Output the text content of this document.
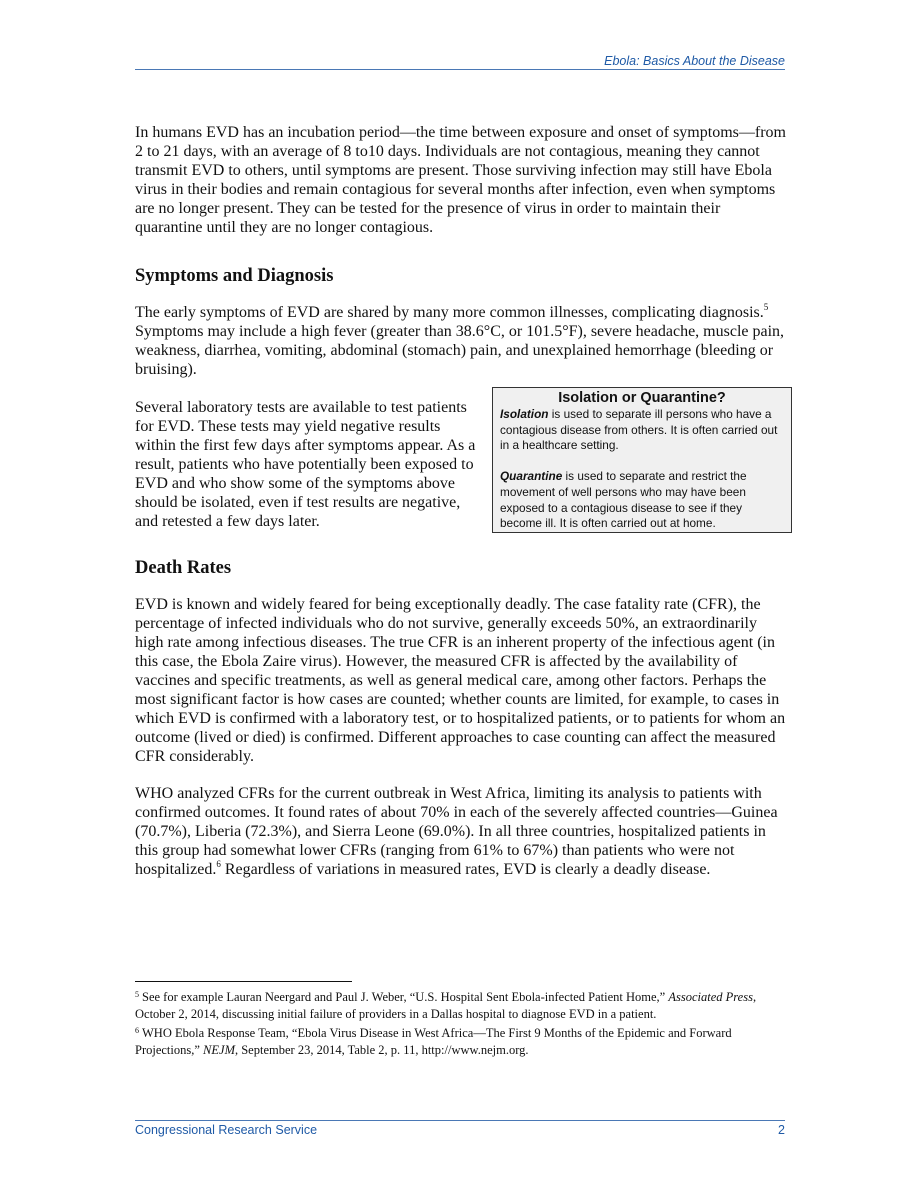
Ebola: Basics About the Disease

In humans EVD has an incubation period—the time between exposure and onset of symptoms—from 2 to 21 days, with an average of 8 to10 days. Individuals are not contagious, meaning they cannot transmit EVD to others, until symptoms are present. Those surviving infection may still have Ebola virus in their bodies and remain contagious for several months after infection, even when symptoms are no longer present. They can be tested for the presence of virus in order to maintain their quarantine until they are no longer contagious.

Symptoms and Diagnosis

The early symptoms of EVD are shared by many more common illnesses, complicating diagnosis.$^5$ Symptoms may include a high fever (greater than 38.6°C, or 101.5°F), severe headache, muscle pain, weakness, diarrhea, vomiting, abdominal (stomach) pain, and unexplained hemorrhage (bleeding or bruising).

Several laboratory tests are available to test patients for EVD. These tests may yield negative results within the first few days after symptoms appear. As a result, patients who have potentially been exposed to EVD and who show some of the symptoms above should be isolated, even if test results are negative, and retested a few days later.

Isolation or Quarantine?

Isolation is used to separate ill persons who have a contagious disease from others. It is often carried out in a healthcare setting.

Quarantine is used to separate and restrict the movement of well persons who may have been exposed to a contagious disease to see if they become ill. It is often carried out at home.

Death Rates

EVD is known and widely feared for being exceptionally deadly. The case fatality rate (CFR), the percentage of infected individuals who do not survive, generally exceeds 50%, an extraordinarily high rate among infectious diseases. The true CFR is an inherent property of the infectious agent (in this case, the Ebola Zaire virus). However, the measured CFR is affected by the availability of vaccines and specific treatments, as well as general medical care, among other factors. Perhaps the most significant factor is how cases are counted; whether counts are limited, for example, to cases in which EVD is confirmed with a laboratory test, or to hospitalized patients, or to patients for whom an outcome (lived or died) is confirmed. Different approaches to case counting can affect the measured CFR considerably.

WHO analyzed CFRs for the current outbreak in West Africa, limiting its analysis to patients with confirmed outcomes. It found rates of about 70% in each of the severely affected countries—Guinea (70.7%), Liberia (72.3%), and Sierra Leone (69.0%). In all three countries, hospitalized patients in this group had somewhat lower CFRs (ranging from 61% to 67%) than patients who were not hospitalized.$^6$ Regardless of variations in measured rates, EVD is clearly a deadly disease.

$^5$ See for example Lauran Neergard and Paul J. Weber, “U.S. Hospital Sent Ebola-infected Patient Home,” Associated Press, October 2, 2014, discussing initial failure of providers in a Dallas hospital to diagnose EVD in a patient.

$^6$ WHO Ebola Response Team, “Ebola Virus Disease in West Africa—The First 9 Months of the Epidemic and Forward Projections,” NEJM, September 23, 2014, Table 2, p. 11, http://www.nejm.org.

Congressional Research Service	2
